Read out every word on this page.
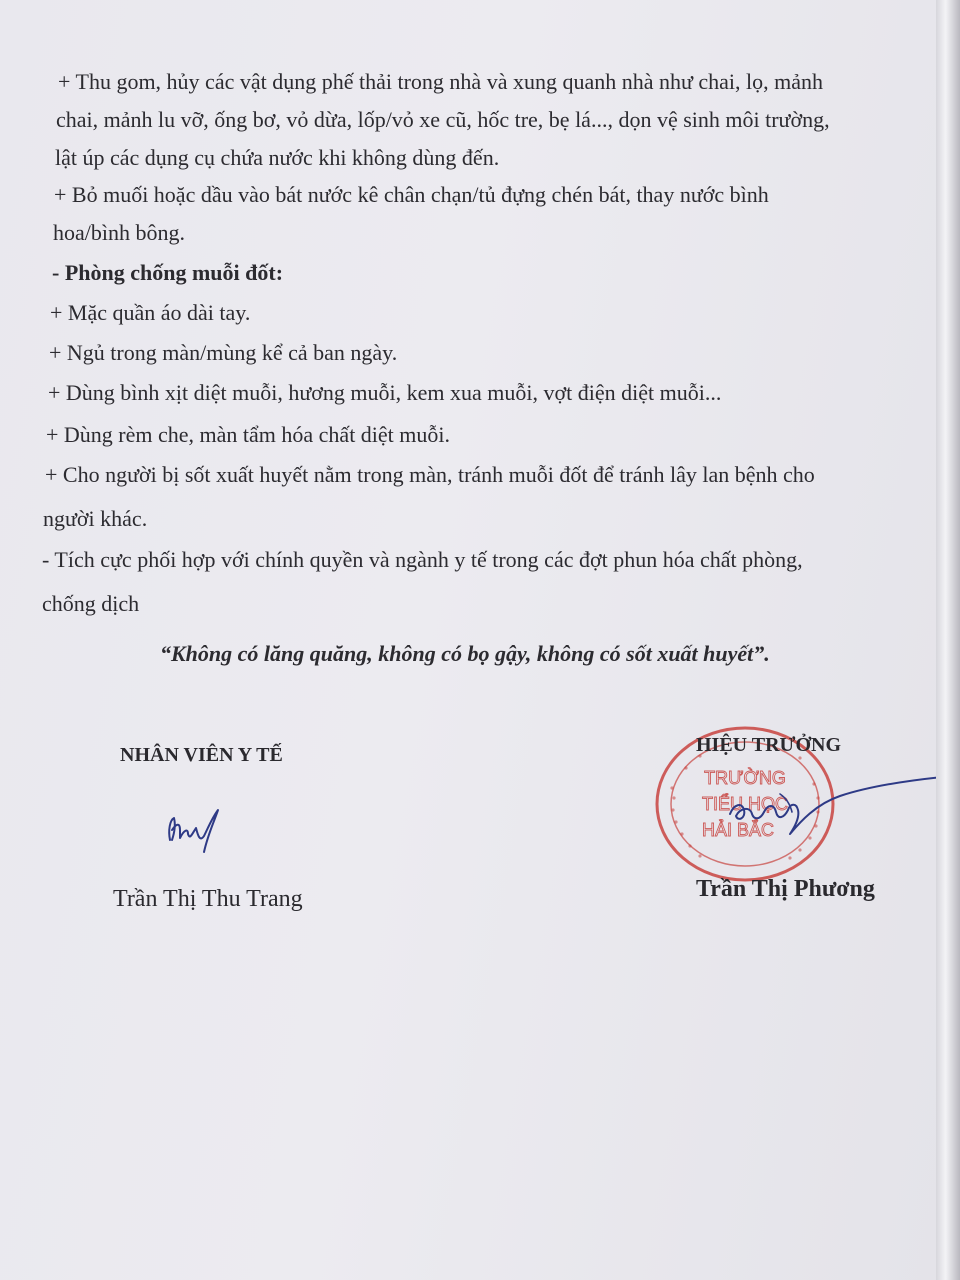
+ Thu gom, hủy các vật dụng phế thải trong nhà và xung quanh nhà như chai, lọ, mảnh

chai, mảnh lu vỡ, ống bơ, vỏ dừa, lốp/vỏ xe cũ, hốc tre, bẹ lá..., dọn vệ sinh môi trường,

lật úp các dụng cụ chứa nước khi không dùng đến.

+ Bỏ muối hoặc dầu vào bát nước kê chân chạn/tủ đựng chén bát, thay nước bình

hoa/bình bông.

- Phòng chống muỗi đốt:

+ Mặc quần áo dài tay.

+ Ngủ trong màn/mùng kể cả ban ngày.

+ Dùng bình xịt diệt muỗi, hương muỗi, kem xua muỗi, vợt điện diệt muỗi...

+ Dùng rèm che, màn tẩm hóa chất diệt muỗi.

+ Cho người bị sốt xuất huyết nằm trong màn, tránh muỗi đốt để tránh lây lan bệnh cho

người khác.

- Tích cực phối hợp với chính quyền và ngành y tế trong các đợt phun hóa chất phòng,

chống dịch

“Không có lăng quăng, không có bọ gậy, không có sốt xuất huyết”.

NHÂN VIÊN Y TẾ

Trần Thị Thu Trang

TRƯỜNG
TIỂU HỌC
HẢI BẮC

HIỆU TRƯỞNG

Trần Thị Phương
